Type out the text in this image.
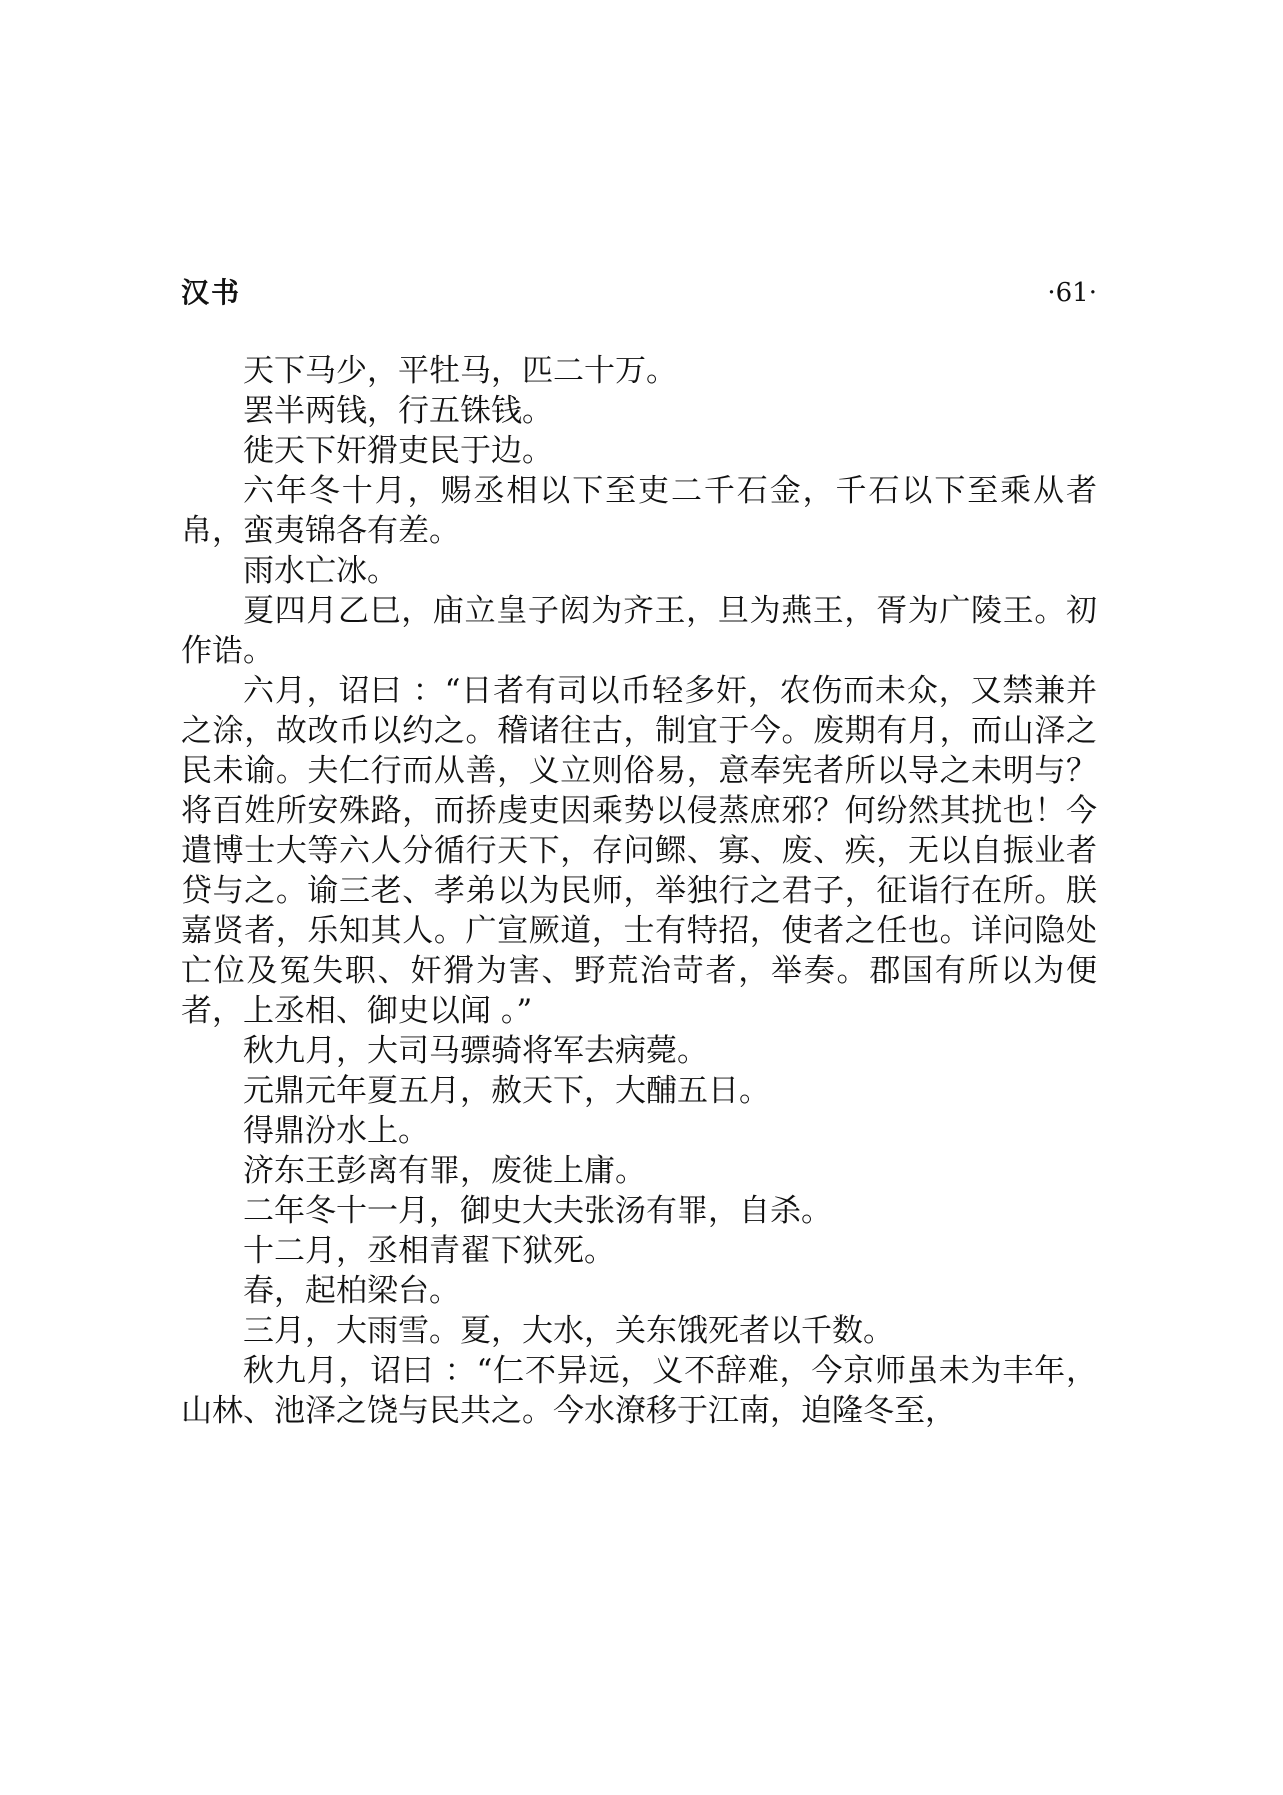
汉书	·61·

天下马少，平牡马，匹二十万。

罢半两钱，行五铢钱。

徙天下奸猾吏民于边。

六年冬十月，赐丞相以下至吏二千石金，千石以下至乘从者帛，蛮夷锦各有差。

雨水亡冰。

夏四月乙巳，庙立皇子闳为齐王，旦为燕王，胥为广陵王。初作诰。

六月，诏曰 ：“日者有司以币轻多奸，农伤而未众，又禁兼并之涂，故改币以约之。稽诸往古，制宜于今。废期有月，而山泽之民未谕。夫仁行而从善，义立则俗易，意奉宪者所以导之未明与？将百姓所安殊路，而挢虔吏因乘势以侵蒸庶邪？何纷然其扰也！今遣博士大等六人分循行天下，存问鳏、寡、废、疾，无以自振业者贷与之。谕三老、孝弟以为民师，举独行之君子，征诣行在所。朕嘉贤者，乐知其人。广宣厥道，士有特招，使者之任也。详问隐处亡位及冤失职、奸猾为害、野荒治苛者，举奏。郡国有所以为便者，上丞相、御史以闻 。”

秋九月，大司马骠骑将军去病薨。

元鼎元年夏五月，赦天下，大酺五日。

得鼎汾水上。

济东王彭离有罪，废徙上庸。

二年冬十一月，御史大夫张汤有罪，自杀。

十二月，丞相青翟下狱死。

春，起柏梁台。

三月，大雨雪。夏，大水，关东饿死者以千数。

秋九月，诏曰 ：“仁不异远，义不辞难，今京师虽未为丰年，山林、池泽之饶与民共之。今水潦移于江南，迫隆冬至，
